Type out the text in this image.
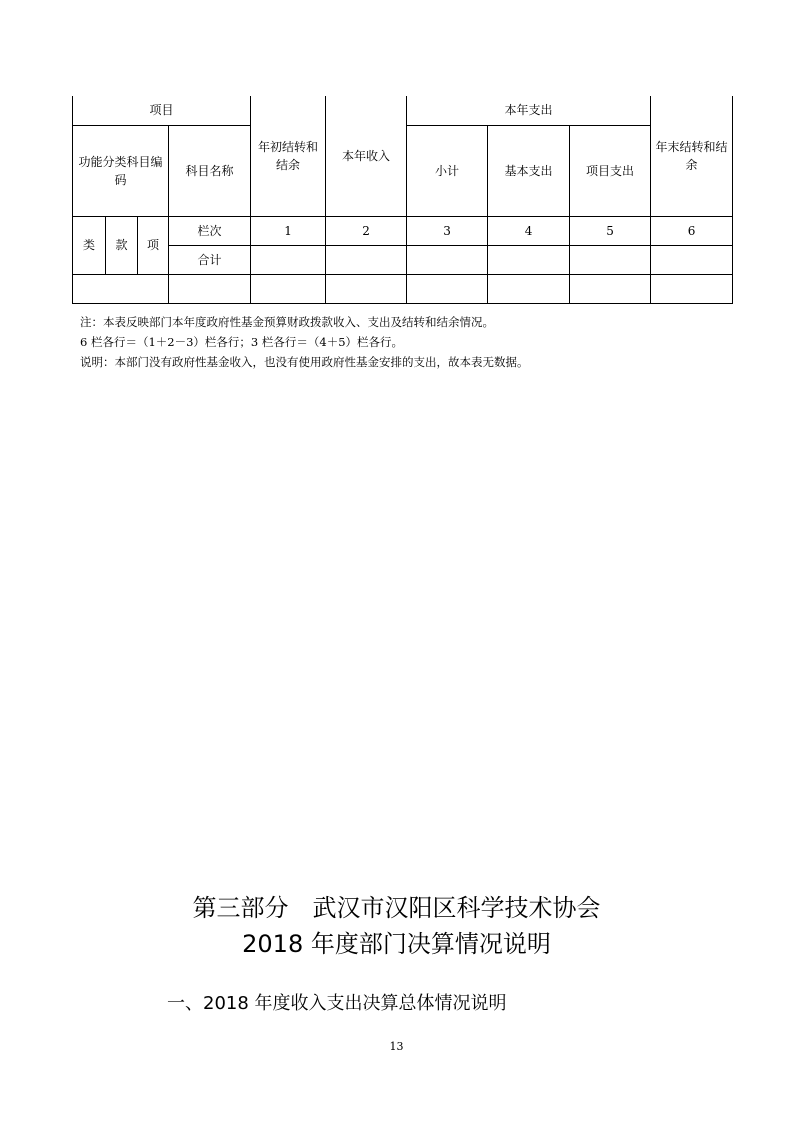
项目				年初结转和结余	本年收入	本年支出			年末结转和结余
功能分类科目编码			科目名称			小计	基本支出	项目支出	
类	款	项	栏次	1	2	3	4	5	6
			合计						

注：本表反映部门本年度政府性基金预算财政拨款收入、支出及结转和结余情况。
6 栏各行＝（1＋2－3）栏各行；3 栏各行＝（4＋5）栏各行。
说明：本部门没有政府性基金收入，也没有使用政府性基金安排的支出，故本表无数据。
第三部分　武汉市汉阳区科学技术协会
2018 年度部门决算情况说明
一、2018 年度收入支出决算总体情况说明
13
